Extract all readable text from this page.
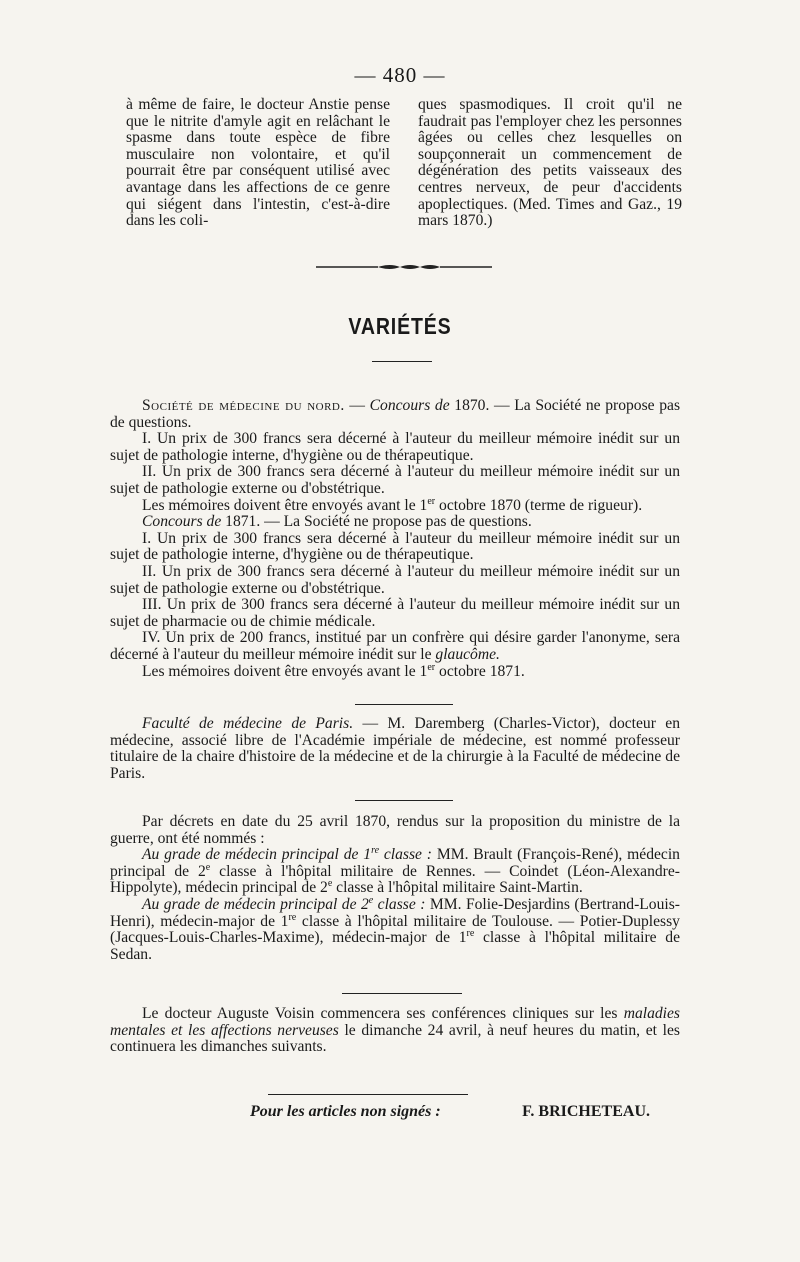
— 480 —
à même de faire, le docteur Anstie pense que le nitrite d'amyle agit en relâchant le spasme dans toute espèce de fibre musculaire non volontaire, et qu'il pourrait être par conséquent utilisé avec avantage dans les affections de ce genre qui siégent dans l'intestin, c'est-à-dire dans les coli-
ques spasmodiques. Il croit qu'il ne faudrait pas l'employer chez les personnes âgées ou celles chez lesquelles on soupçonnerait un commencement de dégénération des petits vaisseaux des centres nerveux, de peur d'accidents apoplectiques. (Med. Times and Gaz., 19 mars 1870.)
VARIÉTÉS

Société de médecine du nord. — Concours de 1870. — La Société ne propose pas de questions.

I. Un prix de 300 francs sera décerné à l'auteur du meilleur mémoire inédit sur un sujet de pathologie interne, d'hygiène ou de thérapeutique.

II. Un prix de 300 francs sera décerné à l'auteur du meilleur mémoire inédit sur un sujet de pathologie externe ou d'obstétrique.

Les mémoires doivent être envoyés avant le 1er octobre 1870 (terme de rigueur).

Concours de 1871. — La Société ne propose pas de questions.

I. Un prix de 300 francs sera décerné à l'auteur du meilleur mémoire inédit sur un sujet de pathologie interne, d'hygiène ou de thérapeutique.

II. Un prix de 300 francs sera décerné à l'auteur du meilleur mémoire inédit sur un sujet de pathologie externe ou d'obstétrique.

III. Un prix de 300 francs sera décerné à l'auteur du meilleur mémoire inédit sur un sujet de pharmacie ou de chimie médicale.

IV. Un prix de 200 francs, institué par un confrère qui désire garder l'anonyme, sera décerné à l'auteur du meilleur mémoire inédit sur le glaucôme.

Les mémoires doivent être envoyés avant le 1er octobre 1871.

Faculté de médecine de Paris. — M. Daremberg (Charles-Victor), docteur en médecine, associé libre de l'Académie impériale de médecine, est nommé professeur titulaire de la chaire d'histoire de la médecine et de la chirurgie à la Faculté de médecine de Paris.

Par décrets en date du 25 avril 1870, rendus sur la proposition du ministre de la guerre, ont été nommés :

Au grade de médecin principal de 1re classe : MM. Brault (François-René), médecin principal de 2e classe à l'hôpital militaire de Rennes. — Coindet (Léon-Alexandre-Hippolyte), médecin principal de 2e classe à l'hôpital militaire Saint-Martin.

Au grade de médecin principal de 2e classe : MM. Folie-Desjardins (Bertrand-Louis-Henri), médecin-major de 1re classe à l'hôpital militaire de Toulouse. — Potier-Duplessy (Jacques-Louis-Charles-Maxime), médecin-major de 1re classe à l'hôpital militaire de Sedan.

Le docteur Auguste Voisin commencera ses conférences cliniques sur les maladies mentales et les affections nerveuses le dimanche 24 avril, à neuf heures du matin, et les continuera les dimanches suivants.

Pour les articles non signés :	F. BRICHETEAU.
